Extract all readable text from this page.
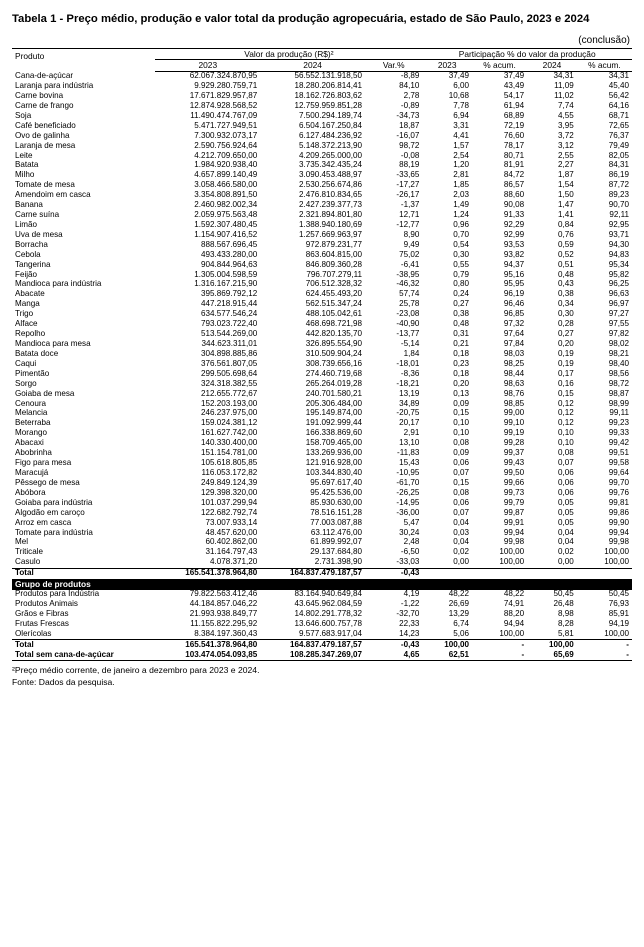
Tabela 1 - Preço médio, produção e valor total da produção agropecuária, estado de São Paulo, 2023 e 2024
(conclusão)
Produto	Valor da produção (R$)²			Participação % do valor da produção			
	2023	2024	Var.%	2023	% acum.	2024	% acum.
Cana-de-açúcar	62.067.324.870,95	56.552.131.918,50	-8,89	37,49	37,49	34,31	34,31
Laranja para indústria	9.929.280.759,71	18.280.206.814,41	84,10	6,00	43,49	11,09	45,40
Carne bovina	17.671.829.957,87	18.162.726.803,62	2,78	10,68	54,17	11,02	56,42
Carne de frango	12.874.928.568,52	12.759.959.851,28	-0,89	7,78	61,94	7,74	64,16
Soja	11.490.474.767,09	7.500.294.189,74	-34,73	6,94	68,89	4,55	68,71
Café beneficiado	5.471.727.949,51	6.504.167.250,84	18,87	3,31	72,19	3,95	72,65
Ovo de galinha	7.300.932.073,17	6.127.484.236,92	-16,07	4,41	76,60	3,72	76,37
Laranja de mesa	2.590.756.924,64	5.148.372.213,90	98,72	1,57	78,17	3,12	79,49
Leite	4.212.709.650,00	4.209.265.000,00	-0,08	2,54	80,71	2,55	82,05
Batata	1.984.920.938,40	3.735.342.435,24	88,19	1,20	81,91	2,27	84,31
Milho	4.657.899.140,49	3.090.453.488,97	-33,65	2,81	84,72	1,87	86,19
Tomate de mesa	3.058.466.580,00	2.530.256.674,86	-17,27	1,85	86,57	1,54	87,72
Amendoim em casca	3.354.808.891,50	2.476.810.834,65	-26,17	2,03	88,60	1,50	89,23
Banana	2.460.982.002,34	2.427.239.377,73	-1,37	1,49	90,08	1,47	90,70
Carne suína	2.059.975.563,48	2.321.894.801,80	12,71	1,24	91,33	1,41	92,11
Limão	1.592.307.480,45	1.388.940.180,69	-12,77	0,96	92,29	0,84	92,95
Uva de mesa	1.154.907.416,52	1.257.669.963,97	8,90	0,70	92,99	0,76	93,71
Borracha	888.567.696,45	972.879.231,77	9,49	0,54	93,53	0,59	94,30
Cebola	493.433.280,00	863.604.815,00	75,02	0,30	93,82	0,52	94,83
Tangerina	904.844.964,63	846.809.360,28	-6,41	0,55	94,37	0,51	95,34
Feijão	1.305.004.598,59	796.707.279,11	-38,95	0,79	95,16	0,48	95,82
Mandioca para indústria	1.316.167.215,90	706.512.328,32	-46,32	0,80	95,95	0,43	96,25
Abacate	395.869.792,12	624.455.493,20	57,74	0,24	96,19	0,38	96,63
Manga	447.218.915,44	562.515.347,24	25,78	0,27	96,46	0,34	96,97
Trigo	634.577.546,24	488.105.042,61	-23,08	0,38	96,85	0,30	97,27
Alface	793.023.722,40	468.698.721,98	-40,90	0,48	97,32	0,28	97,55
Repolho	513.544.269,00	442.820.135,70	-13,77	0,31	97,64	0,27	97,82
Mandioca para mesa	344.623.311,01	326.895.554,90	-5,14	0,21	97,84	0,20	98,02
Batata doce	304.898.885,86	310.509.904,24	1,84	0,18	98,03	0,19	98,21
Caqui	376.561.807,05	308.739.656,16	-18,01	0,23	98,25	0,19	98,40
Pimentão	299.505.698,64	274.460.719,68	-8,36	0,18	98,44	0,17	98,56
Sorgo	324.318.382,55	265.264.019,28	-18,21	0,20	98,63	0,16	98,72
Goiaba de mesa	212.655.772,67	240.701.580,21	13,19	0,13	98,76	0,15	98,87
Cenoura	152.203.193,00	205.306.484,00	34,89	0,09	98,85	0,12	98,99
Melancia	246.237.975,00	195.149.874,00	-20,75	0,15	99,00	0,12	99,11
Beterraba	159.024.381,12	191.092.999,44	20,17	0,10	99,10	0,12	99,23
Morango	161.627.742,00	166.338.869,60	2,91	0,10	99,19	0,10	99,33
Abacaxi	140.330.400,00	158.709.465,00	13,10	0,08	99,28	0,10	99,42
Abobrinha	151.154.781,00	133.269.936,00	-11,83	0,09	99,37	0,08	99,51
Figo para mesa	105.618.805,85	121.916.928,00	15,43	0,06	99,43	0,07	99,58
Maracujá	116.053.172,82	103.344.830,40	-10,95	0,07	99,50	0,06	99,64
Pêssego de mesa	249.849.124,39	95.697.617,40	-61,70	0,15	99,66	0,06	99,70
Abóbora	129.398.320,00	95.425.536,00	-26,25	0,08	99,73	0,06	99,76
Goiaba para indústria	101.037.299,94	85.930.630,00	-14,95	0,06	99,79	0,05	99,81
Algodão em caroço	122.682.792,74	78.516.151,28	-36,00	0,07	99,87	0,05	99,86
Arroz em casca	73.007.933,14	77.003.087,88	5,47	0,04	99,91	0,05	99,90
Tomate para indústria	48.457.620,00	63.112.476,00	30,24	0,03	99,94	0,04	99,94
Mel	60.402.862,00	61.899.992,07	2,48	0,04	99,98	0,04	99,98
Triticale	31.164.797,43	29.137.684,80	-6,50	0,02	100,00	0,02	100,00
Casulo	4.078.371,20	2.731.398,90	-33,03	0,00	100,00	0,00	100,00
Total	165.541.378.964,80	164.837.479.187,57	-0,43				
Grupo de produtos							
Produtos para Indústria	79.822.563.412,46	83.164.940.649,84	4,19	48,22	48,22	50,45	50,45
Produtos Animais	44.184.857.046,22	43.645.962.084,59	-1,22	26,69	74,91	26,48	76,93
Grãos e Fibras	21.993.938.849,77	14.802.291.778,32	-32,70	13,29	88,20	8,98	85,91
Frutas Frescas	11.155.822.295,92	13.646.600.757,78	22,33	6,74	94,94	8,28	94,19
Olerícolas	8.384.197.360,43	9.577.683.917,04	14,23	5,06	100,00	5,81	100,00
Total	165.541.378.964,80	164.837.479.187,57	-0,43	100,00	-	100,00	-
Total sem cana-de-açúcar	103.474.054.093,85	108.285.347.269,07	4,65	62,51	-	65,69	-
²Preço médio corrente, de janeiro a dezembro para 2023 e 2024.
Fonte: Dados da pesquisa.
